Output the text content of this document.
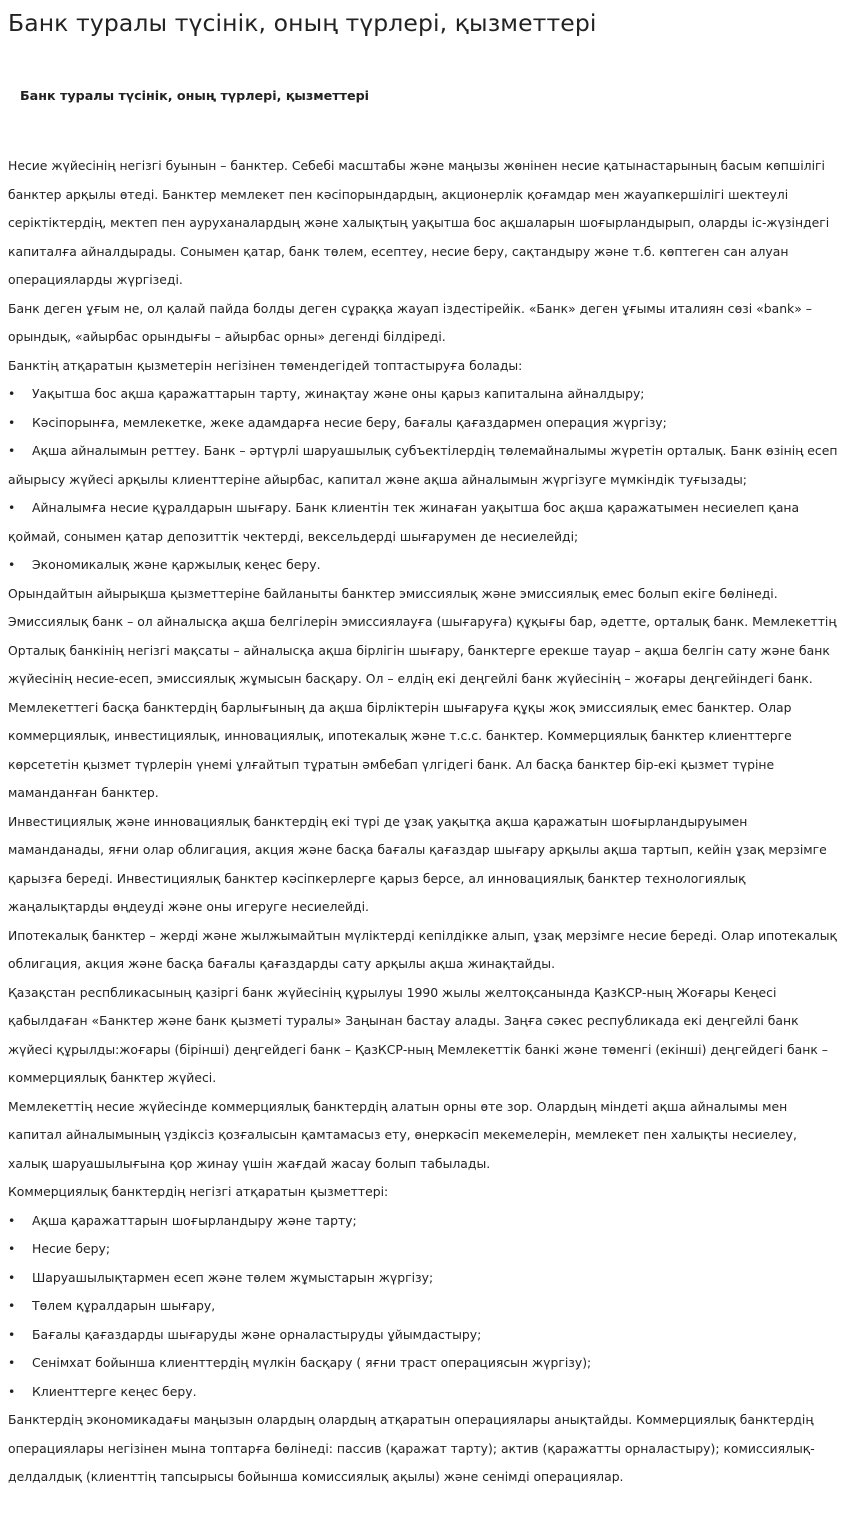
Банк туралы түсінік, оның түрлері, қызметтері
Банк туралы түсінік, оның түрлері, қызметтері

Несие жүйесінің негізгі буынын – банктер. Себебі масштабы және маңызы жөнінен несие қатынастарының басым көпшілігі банктер арқылы өтеді. Банктер мемлекет пен кәсіпорындардың, акционерлік қоғамдар мен жауапкершілігі шектеулі серіктіктердің, мектеп пен ауруханалардың және халықтың уақытша бос ақшаларын шоғырландырып, оларды іс-жүзіндегі капиталға айналдырады. Сонымен қатар, банк төлем, есептеу, несие беру, сақтандыру және т.б. көптеген сан алуан операцияларды жүргізеді.

Банк деген ұғым не, ол қалай пайда болды деген сұраққа жауап іздестірейік. «Банк» деген ұғымы италиян сөзі «bank» – орындық, «айырбас орындығы – айырбас орны» дегенді білдіреді.

Банктің атқаратын қызметерін негізінен төмендегідей топтастыруға болады:

• Уақытша бос ақша қаражаттарын тарту, жинақтау және оны қарыз капиталына айналдыру;

• Кәсіпорынға, мемлекетке, жеке адамдарға несие беру, бағалы қағаздармен операция жүргізу;

• Ақша айналымын реттеу. Банк – әртүрлі шаруашылық субъектілердің төлемайналымы жүретін орталық. Банк өзінің есеп айырысу жүйесі арқылы клиенттеріне айырбас, капитал және ақша айналымын жүргізуге мүмкіндік туғызады;

• Айналымға несие құралдарын шығару. Банк клиентін тек жинаған уақытша бос ақша қаражатымен несиелеп қана қоймай, сонымен қатар депозиттік чектерді, вексельдерді шығарумен де несиелейді;

• Экономикалық және қаржылық кеңес беру.

Орындайтын айырықша қызметтеріне байланыты банктер эмиссиялық және эмиссиялық емес болып екіге бөлінеді.

Эмиссиялық банк – ол айналысқа ақша белгілерін эмиссиялауға (шығаруға) құқығы бар, әдетте, орталық банк. Мемлекеттің Орталық банкінің негізгі мақсаты – айналысқа ақша бірлігін шығару, банктерге ерекше тауар – ақша белгін сату және банк жүйесінің несие-есеп, эмиссиялық жұмысын басқару. Ол – елдің екі деңгейлі банк жүйесінің – жоғары деңгейіндегі банк.

Мемлекеттегі басқа банктердің барлығының да ақша бірліктерін шығаруға құқы жоқ эмиссиялық емес банктер. Олар коммерциялық, инвестициялық, инновациялық, ипотекалық және т.с.с. банктер. Коммерциялық банктер клиенттерге көрсететін қызмет түрлерін үнемі ұлғайтып тұратын әмбебап үлгідегі банк. Ал басқа банктер бір-екі қызмет түріне маманданған банктер.

Инвестициялық және инновациялық банктердің екі түрі де ұзақ уақытқа ақша қаражатын шоғырландыруымен маманданады, яғни олар облигация, акция және басқа бағалы қағаздар шығару арқылы ақша тартып, кейін ұзақ мерзімге қарызға береді. Инвестициялық банктер кәсіпкерлерге қарыз берсе, ал инновациялық банктер технологиялық жаңалықтарды өңдеуді және оны игеруге несиелейді.

Ипотекалық банктер – жерді және жылжымайтын мүліктерді кепілдікке алып, ұзақ мерзімге несие береді. Олар ипотекалық облигация, акция және басқа бағалы қағаздарды сату арқылы ақша жинақтайды.

Қазақстан респбликасының қазіргі банк жүйесінің құрылуы 1990 жылы желтоқсанында ҚазКСР-ның Жоғары Кеңесі қабылдаған «Банктер және банк қызметі туралы» Заңынан бастау алады. Заңға сәкес республикада екі деңгейлі банк жүйесі құрылды:жоғары (бірінші) деңгейдегі банк – ҚазКСР-ның Мемлекеттік банкі және төменгі (екінші) деңгейдегі банк – коммерциялық банктер жүйесі.

Мемлекеттің несие жүйесінде коммерциялық банктердің алатын орны өте зор. Олардың міндеті ақша айналымы мен капитал айналымының үздіксіз қозғалысын қамтамасыз ету, өнеркәсіп мекемелерін, мемлекет пен халықты несиелеу, халық шаруашылығына қор жинау үшін жағдай жасау болып табылады.

Коммерциялық банктердің негізгі атқаратын қызметтері:

• Ақша қаражаттарын шоғырландыру және тарту;

• Несие беру;

• Шаруашылықтармен есеп және төлем жұмыстарын жүргізу;

• Төлем құралдарын шығару,

• Бағалы қағаздарды шығаруды және орналастыруды ұйымдастыру;

• Сенімхат бойынша клиенттердің мүлкін басқару ( яғни траст операциясын жүргізу);

• Клиенттерге кеңес беру.

Банктердің экономикадағы маңызын олардың олардың атқаратын операциялары анықтайды. Коммерциялық банктердің операциялары негізінен мына топтарға бөлінеді: пассив (қаражат тарту); актив (қаражатты орналастыру); комиссиялық-делдалдық (клиенттің тапсырысы бойынша комиссиялық ақылы) және сенімді операциялар.
